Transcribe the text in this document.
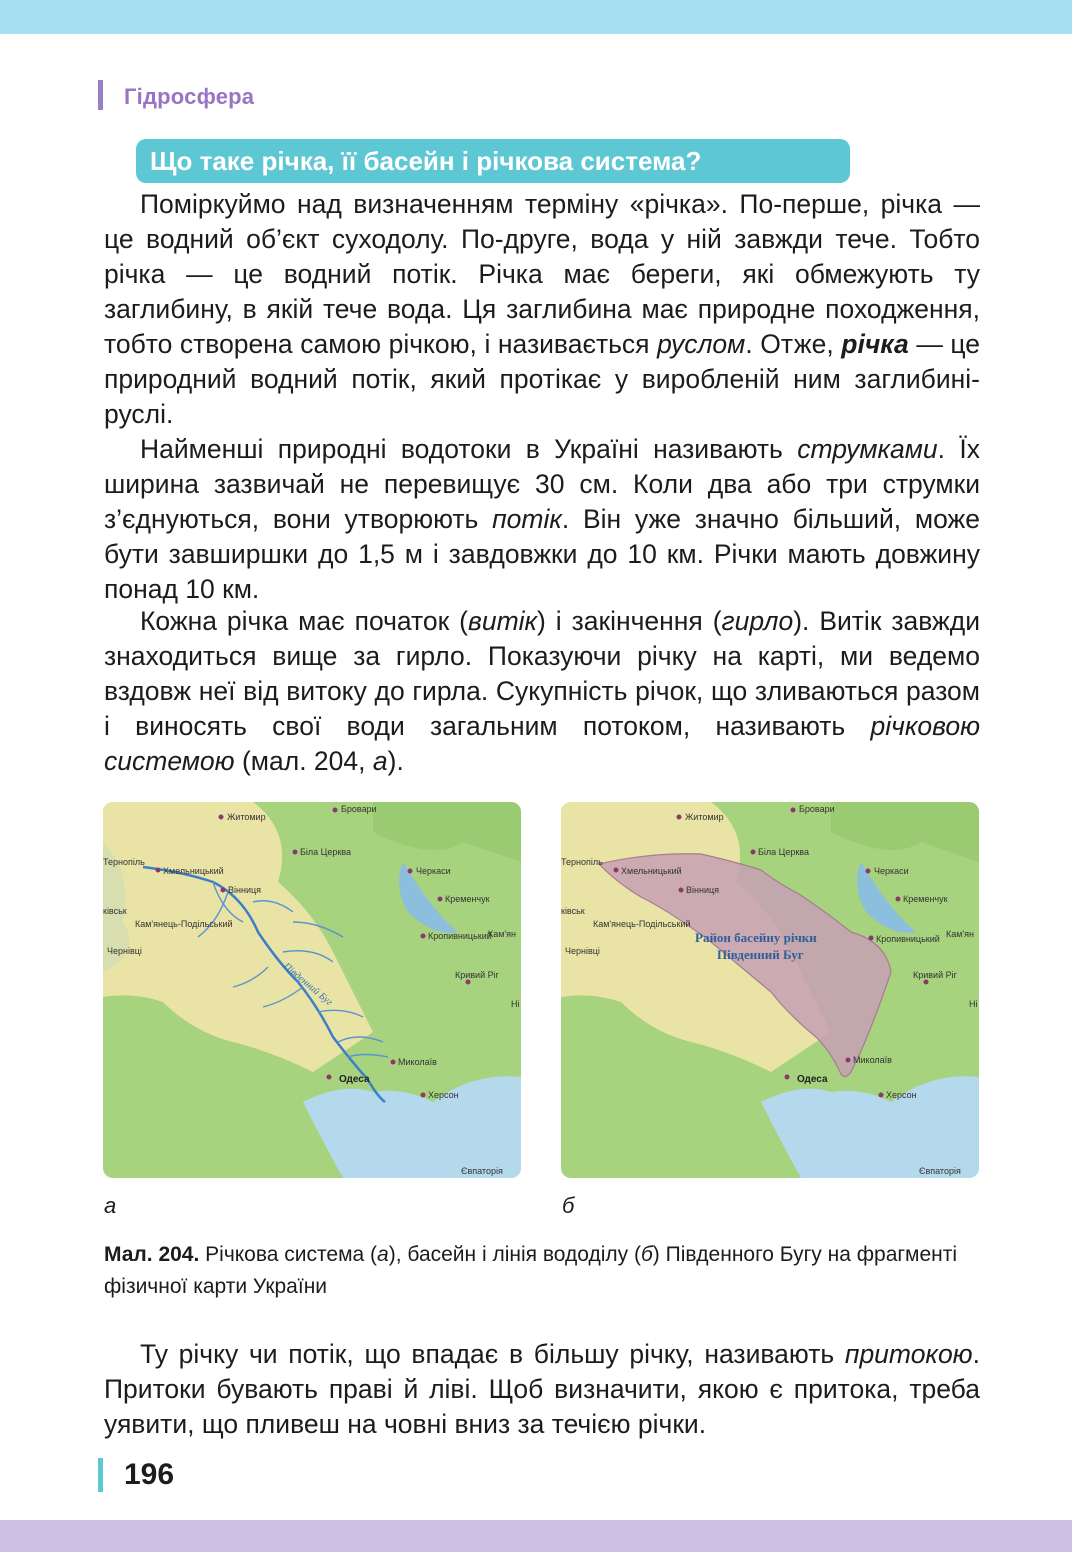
Гідросфера
Що таке річка, її басейн і річкова система?

Поміркуймо над визначенням терміну «річка». По-перше, річка — це водний об’єкт суходолу. По-друге, вода у ній завжди тече. Тобто річка — це водний потік. Річка має береги, які обмежують ту заглибину, в якій тече вода. Ця заглибина має природне походження, тобто створена самою річкою, і називається руслом. Отже, річка — це природний водний потік, який протікає у виробленій ним заглибині-руслі.

Найменші природні водотоки в Україні називають струмками. Їх ширина зазвичай не перевищує 30 см. Коли два або три струмки з’єднуються, вони утворюють потік. Він уже значно більший, може бути завширшки до 1,5 м і завдовжки до 10 км. Річки мають довжину понад 10 км.

Кожна річка має початок (витік) і закінчення (гирло). Витік завжди знаходиться вище за гирло. Показуючи річку на карті, ми ведемо вздовж неї від витоку до гирла. Сукупність річок, що зливаються разом і виносять свої води загальним потоком, називають річковою системою (мал. 204, а).

Житомир
Бровари
Біла Церква
Черкаси
Тернопіль
Хмельницький
Вінниця
Кременчук
ківськ
Кам'янець-Подільський
Кропивницький
Кам'ян
Чернівці
Кривий Ріг
Ні
Південний Буг
Миколаїв
Одеса
Херсон
Євпаторія
Житомир
Бровари
Біла Церква
Черкаси
Тернопіль
Хмельницький
Вінниця
Кременчук
ківськ
Кам'янець-Подільський
Кропивницький Кам'ян
Чернівці
Кривий Ріг
Ні
Район басейну річки
Південний Буг
Миколаїв
Одеса
Херсон
Євпаторія
а	б

Мал. 204. Річкова система (а), басейн і лінія вододілу (б) Південного Бугу на фрагменті фізичної карти України

Ту річку чи потік, що впадає в більшу річку, називають притокою. Притоки бувають праві й ліві. Щоб визначити, якою є притока, треба уявити, що пливеш на човні вниз за течією річки.

196
